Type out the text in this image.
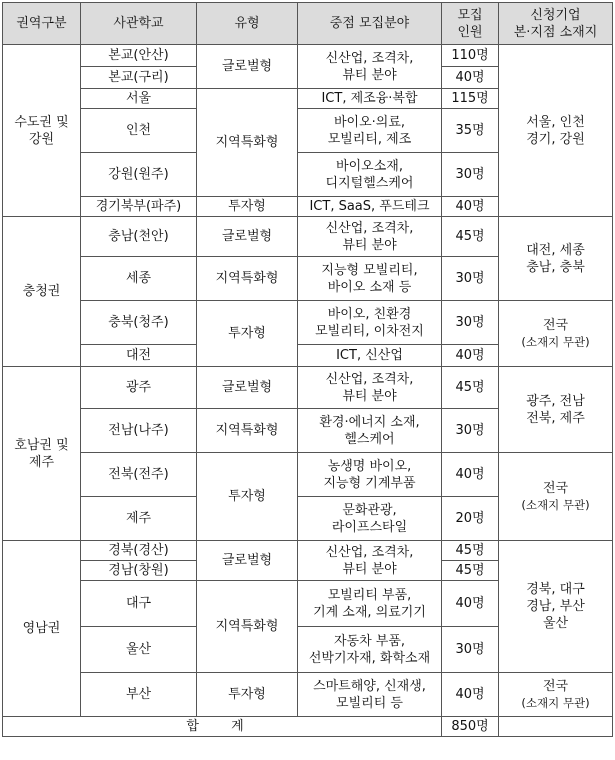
권역구분	사관학교	유형	중점 모집분야	모집
인원	신청기업
본·지점 소재지
수도권 및
강원	본교(안산)	글로벌형	신산업, 조격차,
뷰티 분야	110명	서울, 인천
경기, 강원
	본교(구리)			40명	
	서울	지역특화형	ICT, 제조융·복합	115명	
	인천		바이오·의료,
모빌리티, 제조	35명	

	강원(원주)		바이오소재,
디지털헬스케어	30명	

	경기북부(파주)	투자형	ICT, SaaS, 푸드테크	40명	
충청권	충남(천안)	글로벌형	신산업, 조격차,
뷰티 분야	45명	대전, 세종
충남, 충북
	세종	지역특화형	지능형 모빌리티,
바이오 소재 등	30명	
	충북(청주)	투자형	바이오, 친환경
모빌리티, 이차전지	30명	전국
(소재지 무관)
	대전		ICT, 신산업	40명	
호남권 및
제주	광주	글로벌형	신산업, 조격차,
뷰티 분야	45명	광주, 전남
전북, 제주
	전남(나주)	지역특화형	환경·에너지 소재,
헬스케어	30명	
	전북(전주)	투자형	농생명 바이오,
지능형 기계부품	40명	전국
(소재지 무관)
	제주		문화관광,
라이프스타일	20명	
영남권	경북(경산)	글로벌형	신산업, 조격차,
뷰티 분야	45명	경북, 대구
경남, 부산
울산
	경남(창원)			45명	
	대구	지역특화형	모빌리티 부품,
기계 소재, 의료기기	40명	

	울산		자동차 부품,
선박기자재, 화학소재	30명	

	부산	투자형	스마트해양, 신재생,
모빌리티 등	40명	전국
(소재지 무관)
합 계				850명	
